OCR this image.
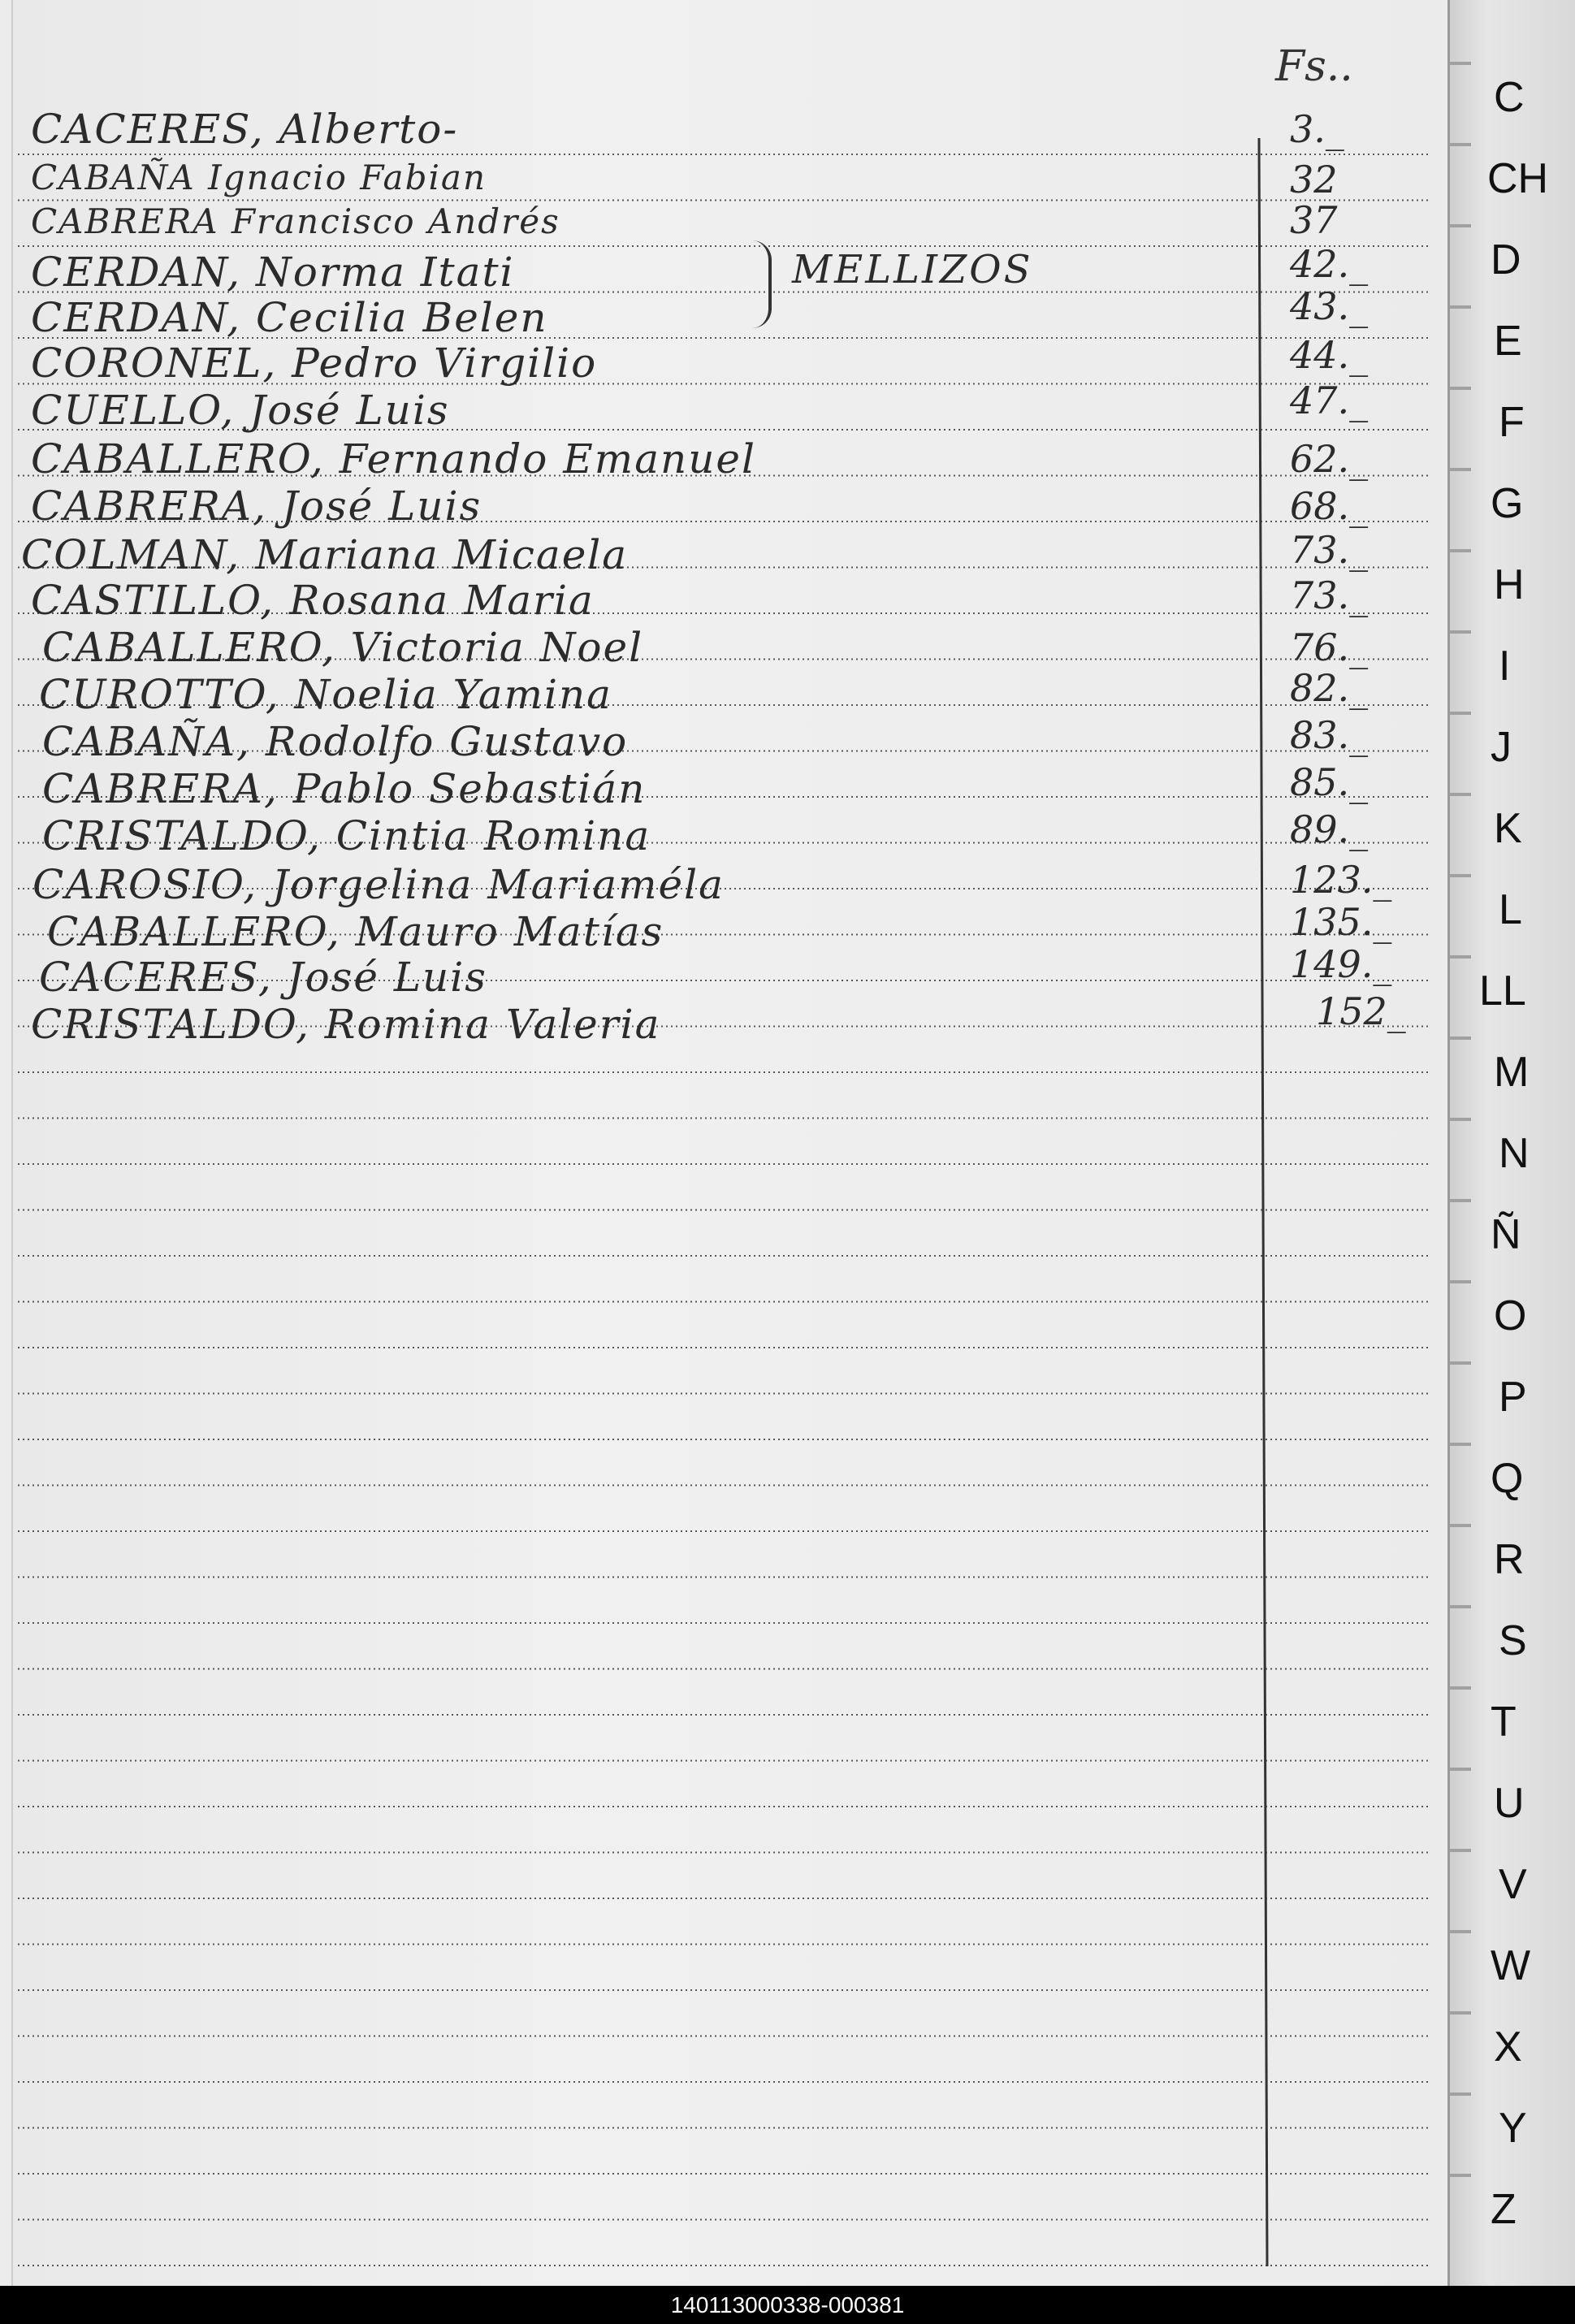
Fs..
CACERES, Alberto-	3._
CABAÑA Ignacio Fabian	32
CABRERA Francisco Andrés	37
CERDAN, Norma Itati	42._
CERDAN, Cecilia Belen	43._
CORONEL, Pedro Virgilio	44._
CUELLO, José Luis	47._
CABALLERO, Fernando Emanuel	62._
CABRERA, José Luis	68._
COLMAN, Mariana Micaela	73._
CASTILLO, Rosana Maria	73._
CABALLERO, Victoria Noel	76._
CUROTTO, Noelia Yamina	82._
CABAÑA, Rodolfo Gustavo	83._
CABRERA, Pablo Sebastián	85._
CRISTALDO, Cintia Romina	89._
CAROSIO, Jorgelina Mariaméla	123._
CABALLERO, Mauro Matías	135._
CACERES, José Luis	149._
CRISTALDO, Romina Valeria	152_
MELLIZOS
C
CH
D
E
F
G
H
I
J
K
L
LL
M
N
Ñ
O
P
Q
R
S
T
U
V
W
X
Y
Z
140113000338-000381
